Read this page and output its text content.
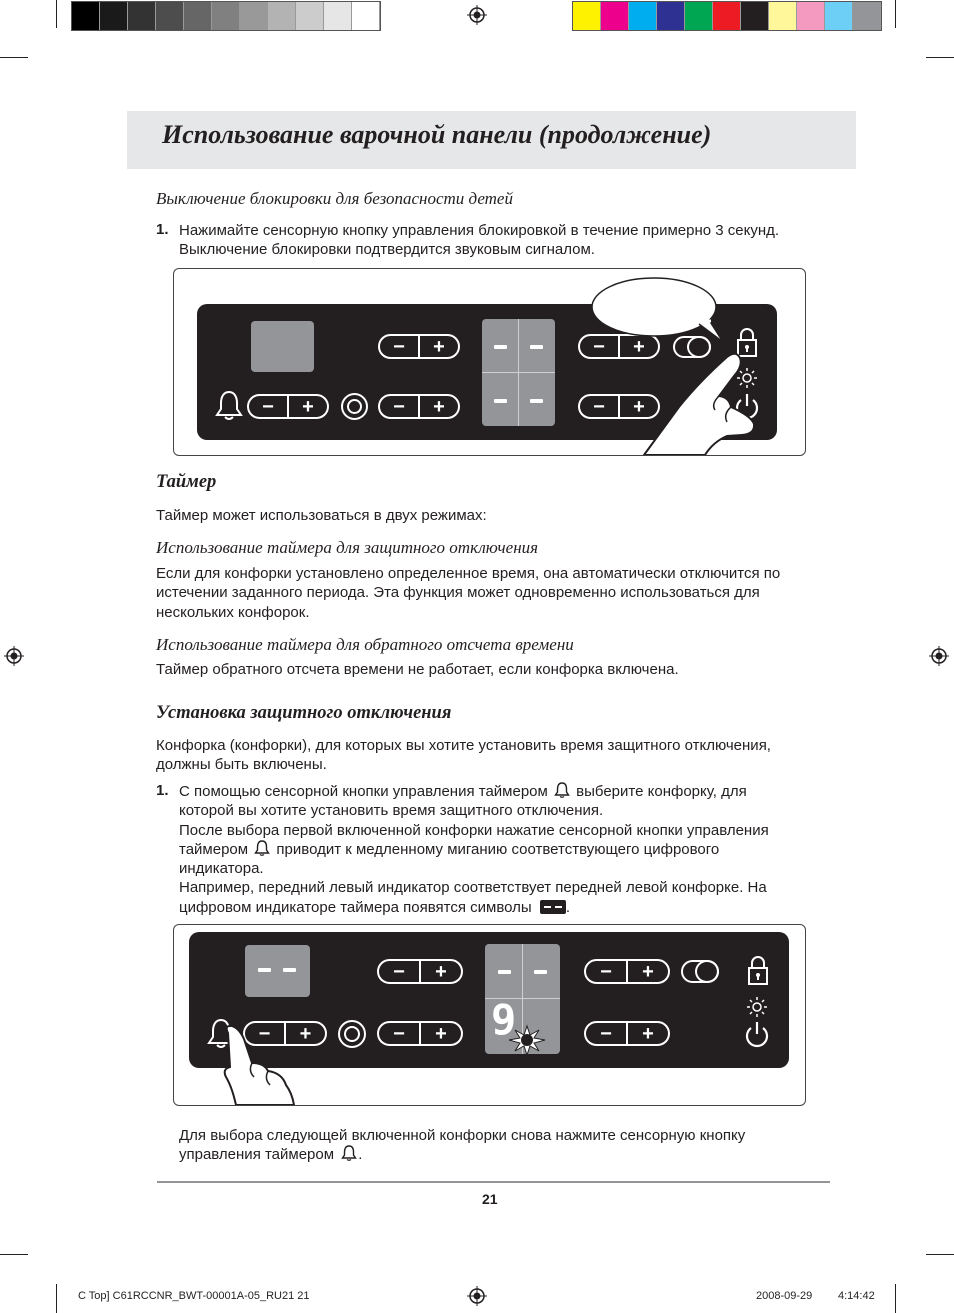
Использование варочной панели (продолжение)
Выключение блокировки для безопасности детей
1. Нажимайте сенсорную кнопку управления блокировкой в течение примерно 3 секунд.
Выключение блокировки подтвердится звуковым сигналом.
−	+
−	+
−	+
−	+
−	+
Таймер
Таймер может использоваться в двух режимах:
Использование таймера для защитного отключения
Если для конфорки установлено определенное время, она автоматически отключится по
истечении заданного периода. Эта функция может одновременно использоваться для
нескольких конфорок.
Использование таймера для обратного отсчета времени
Таймер обратного отсчета времени не работает, если конфорка включена.
Установка защитного отключения
Конфорка (конфорки), для которых вы хотите установить время защитного отключения,
должны быть включены.
1. С помощью сенсорной кнопки управления таймером выберите конфорку, для
которой вы хотите установить время защитного отключения.
После выбора первой включенной конфорки нажатие сенсорной кнопки управления
таймером приводит к медленному миганию соответствующего цифрового
индикатора.
Например, передний левый индикатор соответствует передней левой конфорке. На
цифровом индикаторе таймера появятся символы .
−	+
−	+
−	+
−	+
−	+
9
Для выбора следующей включенной конфорки снова нажмите сенсорную кнопку
управления таймером .
21
C Top] C61RCCNR_BWT-00001A-05_RU21 21	2008-09-29 4:14:42
